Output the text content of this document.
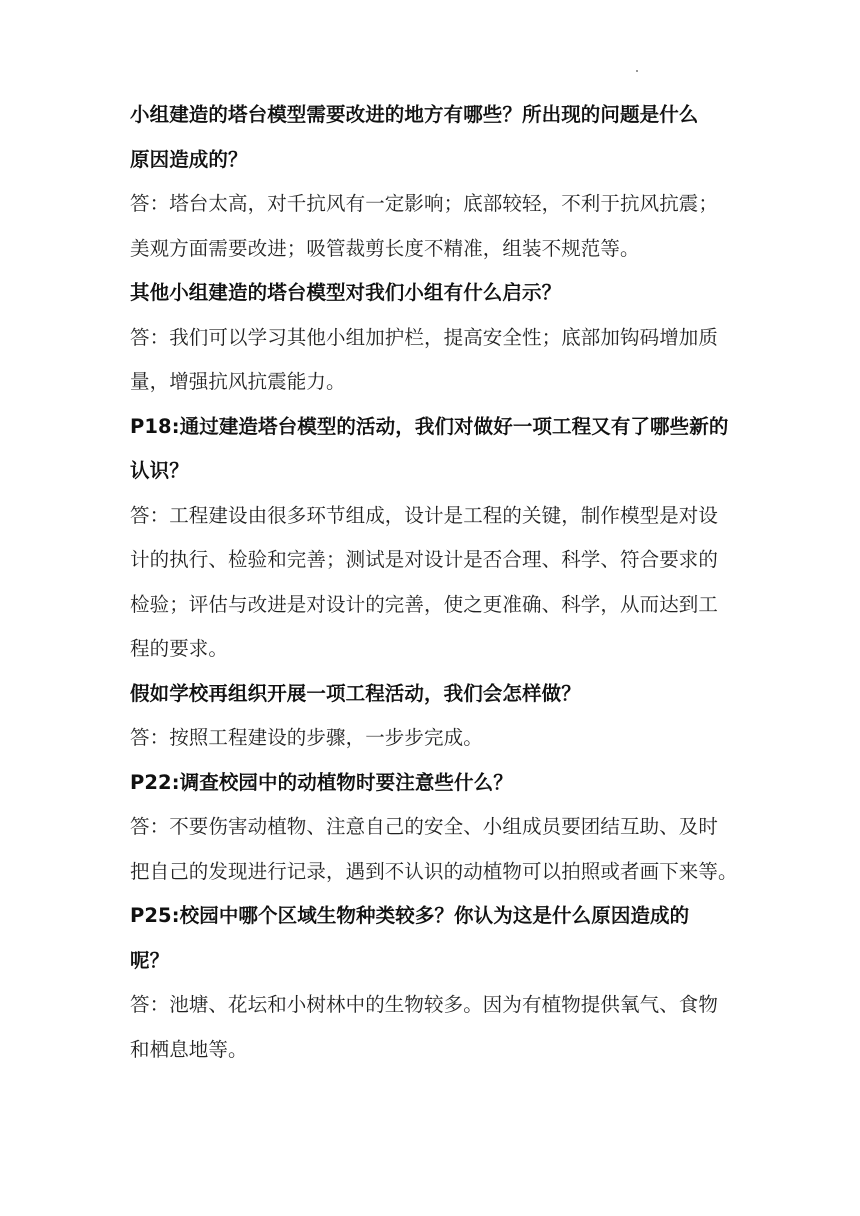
小组建造的塔台模型需要改进的地方有哪些？所出现的问题是什么

原因造成的？

答：塔台太高，对千抗风有一定影响；底部较轻，不利于抗风抗震；

美观方面需要改进；吸管裁剪长度不精准，组装不规范等。

其他小组建造的塔台模型对我们小组有什么启示？

答：我们可以学习其他小组加护栏，提高安全性；底部加钩码增加质

量，增强抗风抗震能力。

P18:通过建造塔台模型的活动，我们对做好一项工程又有了哪些新的

认识？

答：工程建设由很多环节组成，设计是工程的关键，制作模型是对设

计的执行、检验和完善；测试是对设计是否合理、科学、符合要求的

检验；评估与改进是对设计的完善，使之更准确、科学，从而达到工

程的要求。

假如学校再组织开展一项工程活动，我们会怎样做？

答：按照工程建设的步骤，一步步完成。

P22:调查校园中的动植物时要注意些什么？

答：不要伤害动植物、注意自己的安全、小组成员要团结互助、及时

把自己的发现进行记录，遇到不认识的动植物可以拍照或者画下来等。

P25:校园中哪个区域生物种类较多？你认为这是什么原因造成的

呢？

答：池塘、花坛和小树林中的生物较多。因为有植物提供氧气、食物

和栖息地等。
